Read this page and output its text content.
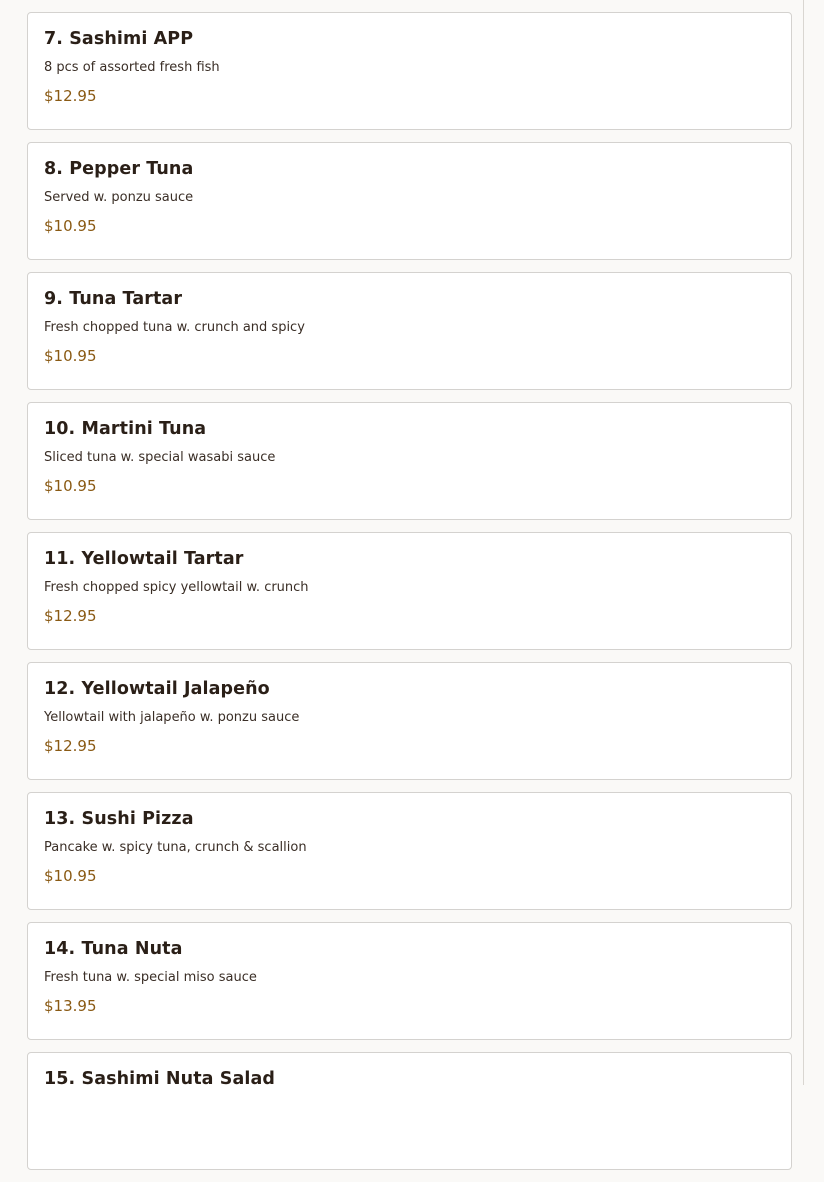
7. Sashimi APP

8 pcs of assorted fresh fish

$12.95

8. Pepper Tuna

Served w. ponzu sauce

$10.95

9. Tuna Tartar

Fresh chopped tuna w. crunch and spicy

$10.95

10. Martini Tuna

Sliced tuna w. special wasabi sauce

$10.95

11. Yellowtail Tartar

Fresh chopped spicy yellowtail w. crunch

$12.95

12. Yellowtail Jalapeño

Yellowtail with jalapeño w. ponzu sauce

$12.95

13. Sushi Pizza

Pancake w. spicy tuna, crunch & scallion

$10.95

14. Tuna Nuta

Fresh tuna w. special miso sauce

$13.95

15. Sashimi Nuta Salad
